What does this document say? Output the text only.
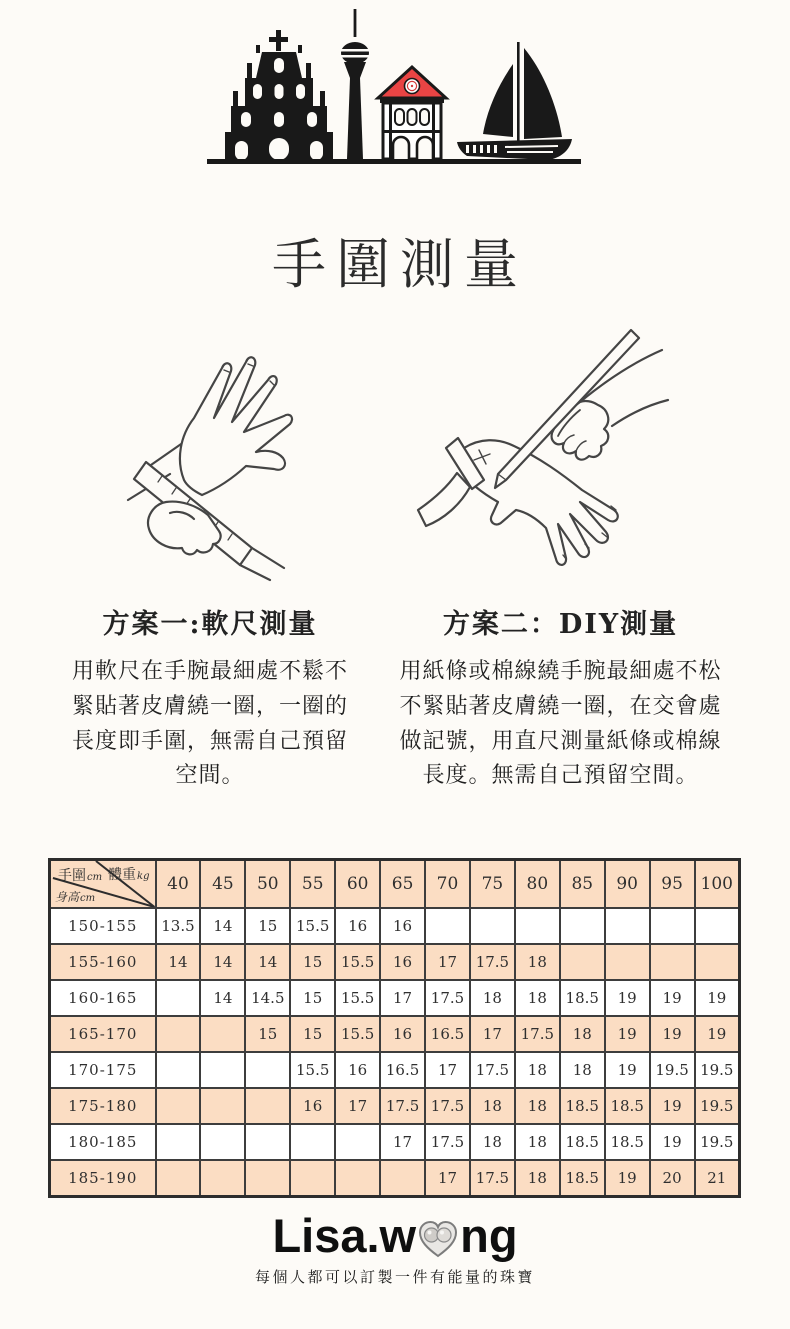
手圍測量
方案一:軟尺測量

用軟尺在手腕最細處不鬆不緊貼著皮膚繞一圈，一圈的長度即手圍，無需自己預留空間。

方案二：DIY測量

用紙條或棉線繞手腕最細處不松不緊貼著皮膚繞一圈，在交會處做記號，用直尺測量紙條或棉線長度。無需自己預留空間。

手圍cm 體重kg
身高cm	40	45	50	55	60	65	70	75	80	85	90	95	100
150-155	13.5	14	15	15.5	16	16							
155-160	14	14	14	15	15.5	16	17	17.5	18				
160-165		14	14.5	15	15.5	17	17.5	18	18	18.5	19	19	19
165-170			15	15	15.5	16	16.5	17	17.5	18	19	19	19
170-175				15.5	16	16.5	17	17.5	18	18	19	19.5	19.5
175-180				16	17	17.5	17.5	18	18	18.5	18.5	19	19.5
180-185						17	17.5	18	18	18.5	18.5	19	19.5
185-190							17	17.5	18	18.5	19	20	21
Lisa.w ng
每個人都可以訂製一件有能量的珠寶
